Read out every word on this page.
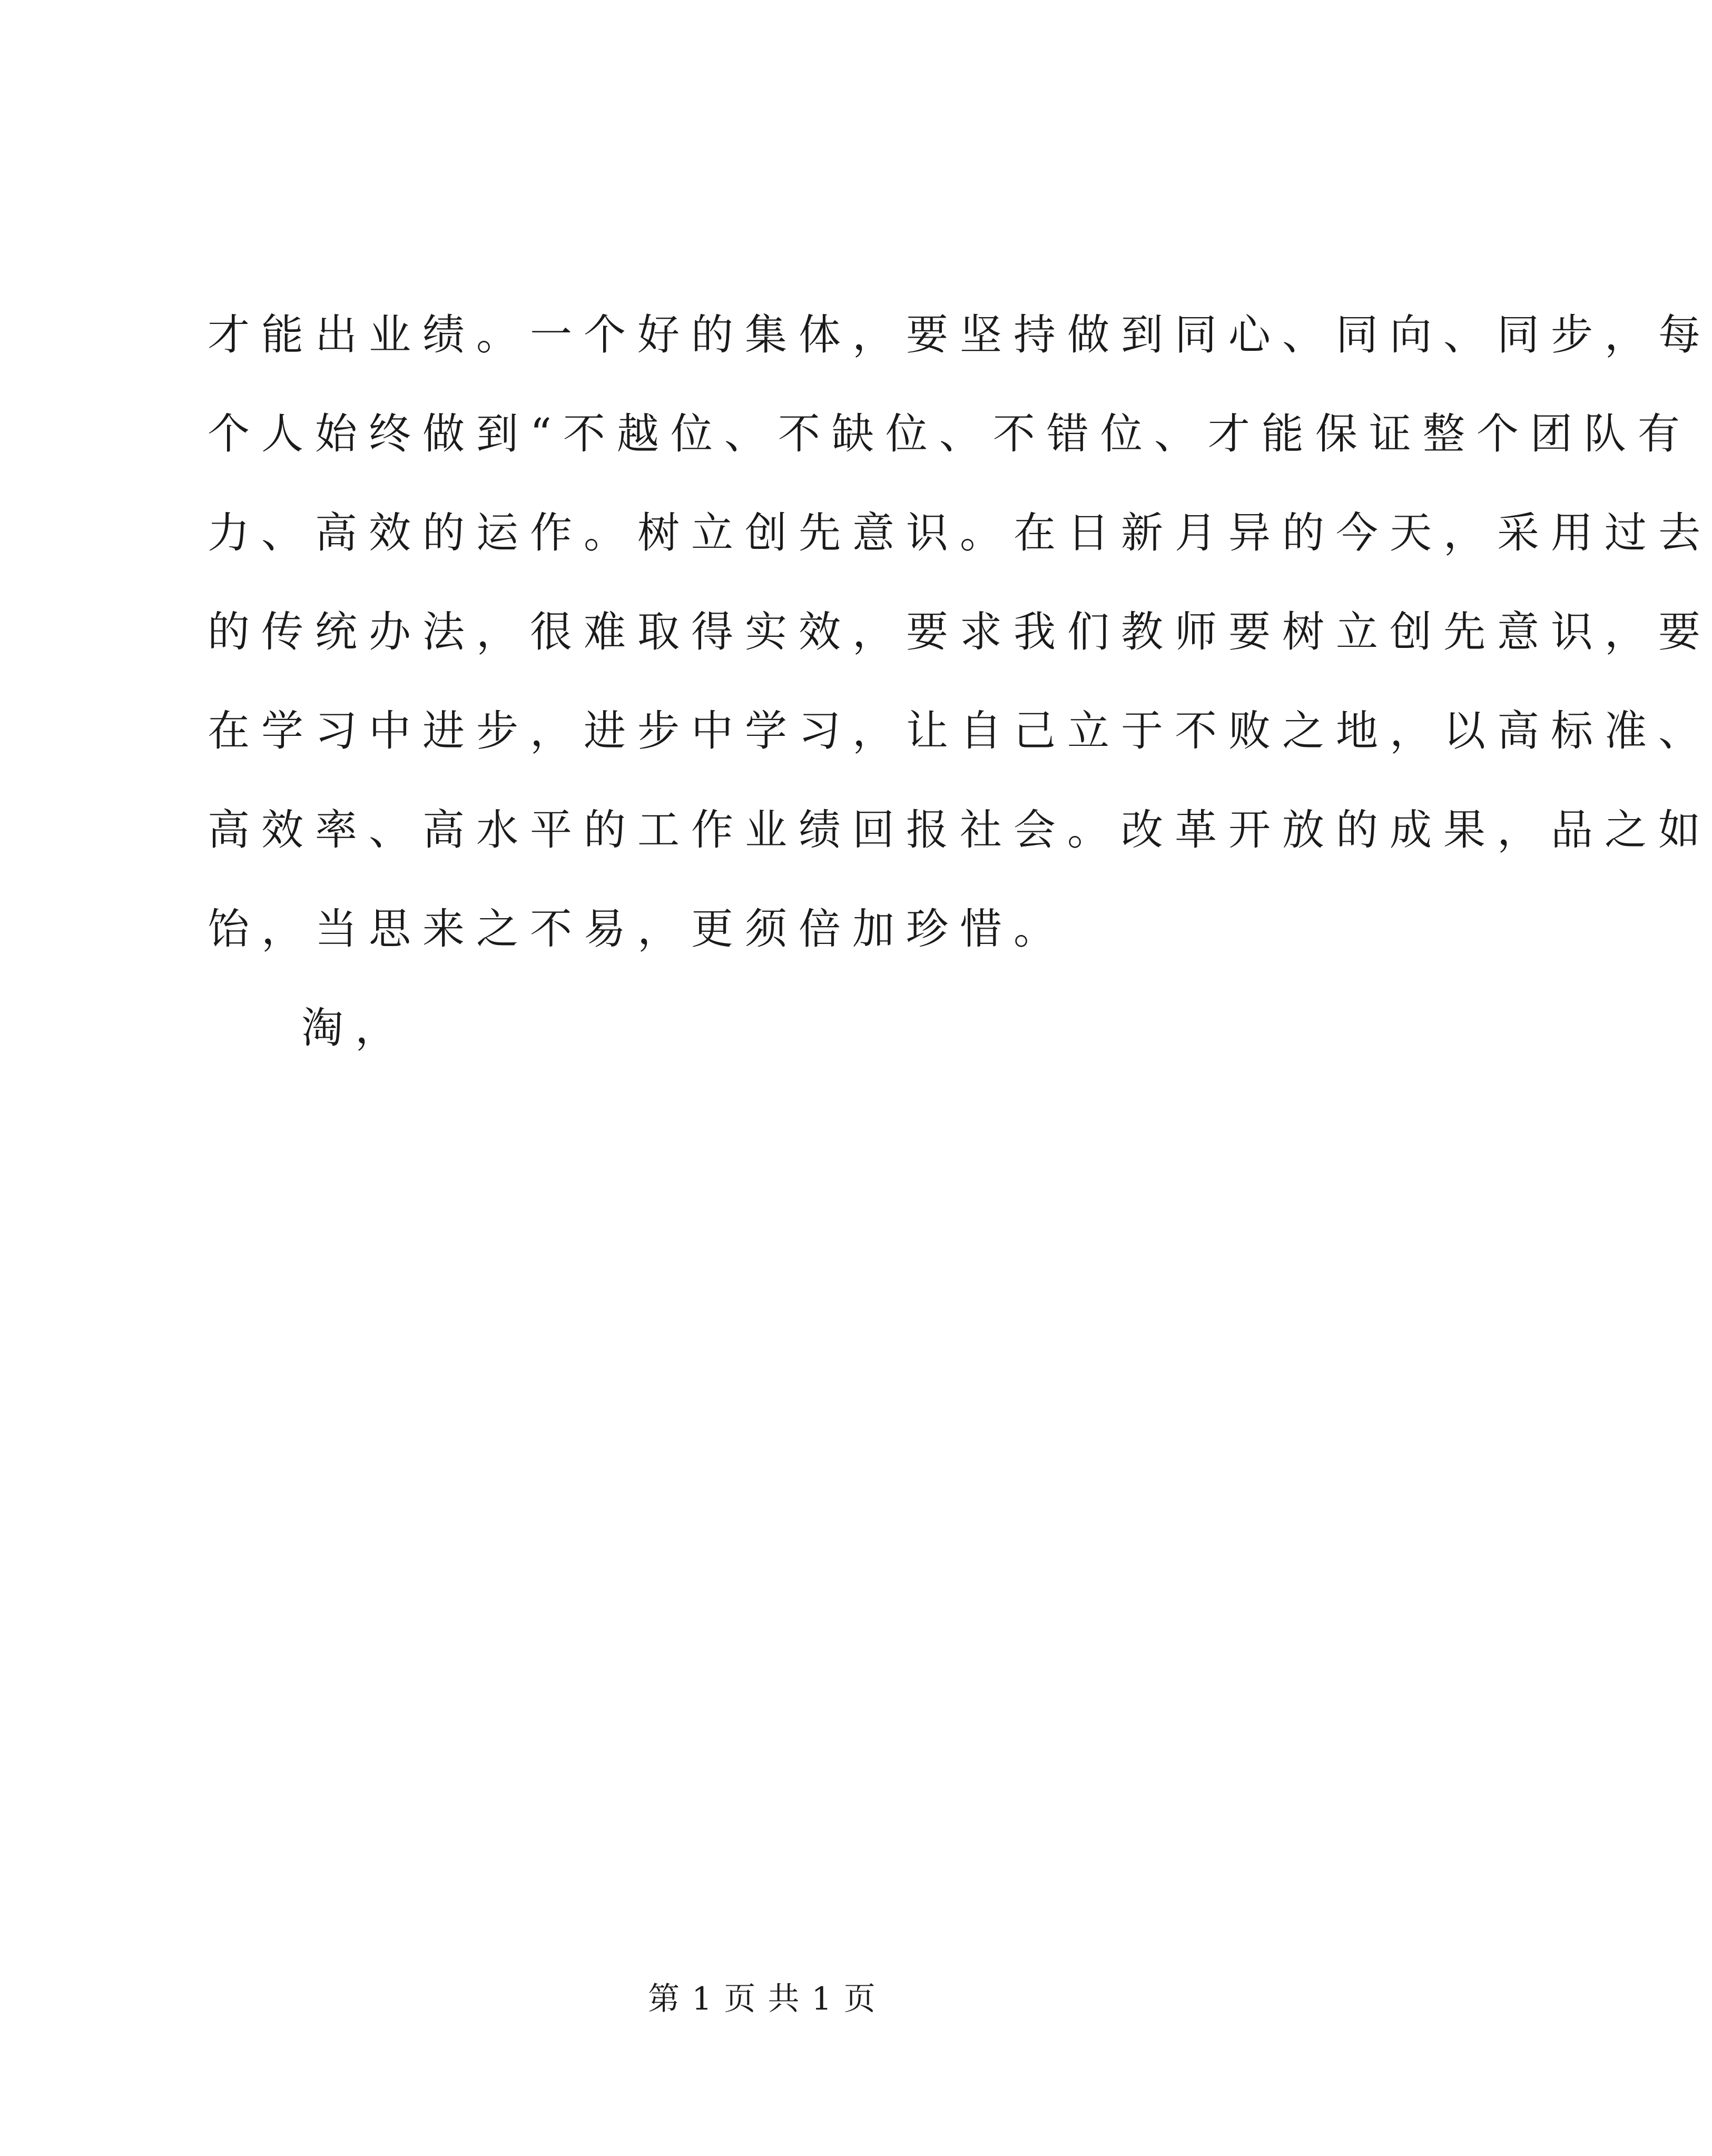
才能出业绩。一个好的集体，要坚持做到同心、同向、同步，每
个人始终做到“不越位、不缺位、不错位、才能保证整个团队有
力、高效的运作。树立创先意识。在日新月异的今天，采用过去
的传统办法，很难取得实效，要求我们教师要树立创先意识，要
在学习中进步，进步中学习，让自己立于不败之地，以高标准、
高效率、高水平的工作业绩回报社会。改革开放的成果，品之如
饴，当思来之不易，更须倍加珍惜。
淘，
第 1 页 共 1 页
